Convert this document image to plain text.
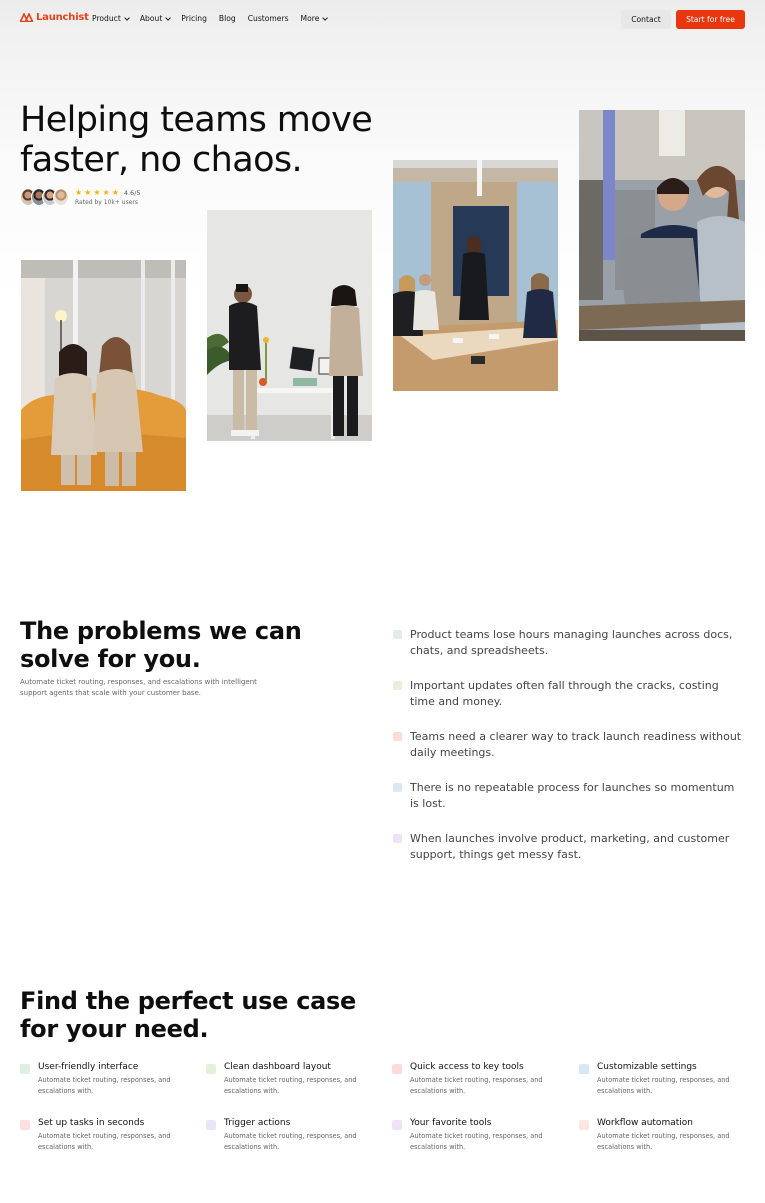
Launchist Product	About	Pricing Blog Customers More	Contact	Start for free
Helping teams move faster, no chaos.
★ ★ ★ ★ ★ 4.6/5
Rated by 10k+ users
The problems we can solve for you.

Automate ticket routing, responses, and escalations with intelligent support agents that scale with your customer base.

Product teams lose hours managing launches across docs, chats, and spreadsheets.
Important updates often fall through the cracks, costing time and money.
Teams need a clearer way to track launch readiness without daily meetings.
There is no repeatable process for launches so momentum is lost.
When launches involve product, marketing, and customer support, things get messy fast.
Find the perfect use case for your need.
User-friendly interface
Automate ticket routing, responses, and escalations with.
Clean dashboard layout
Automate ticket routing, responses, and escalations with.
Quick access to key tools
Automate ticket routing, responses, and escalations with.
Customizable settings
Automate ticket routing, responses, and escalations with.
Set up tasks in seconds
Automate ticket routing, responses, and escalations with.
Trigger actions
Automate ticket routing, responses, and escalations with.
Your favorite tools
Automate ticket routing, responses, and escalations with.
Workflow automation
Automate ticket routing, responses, and escalations with.
